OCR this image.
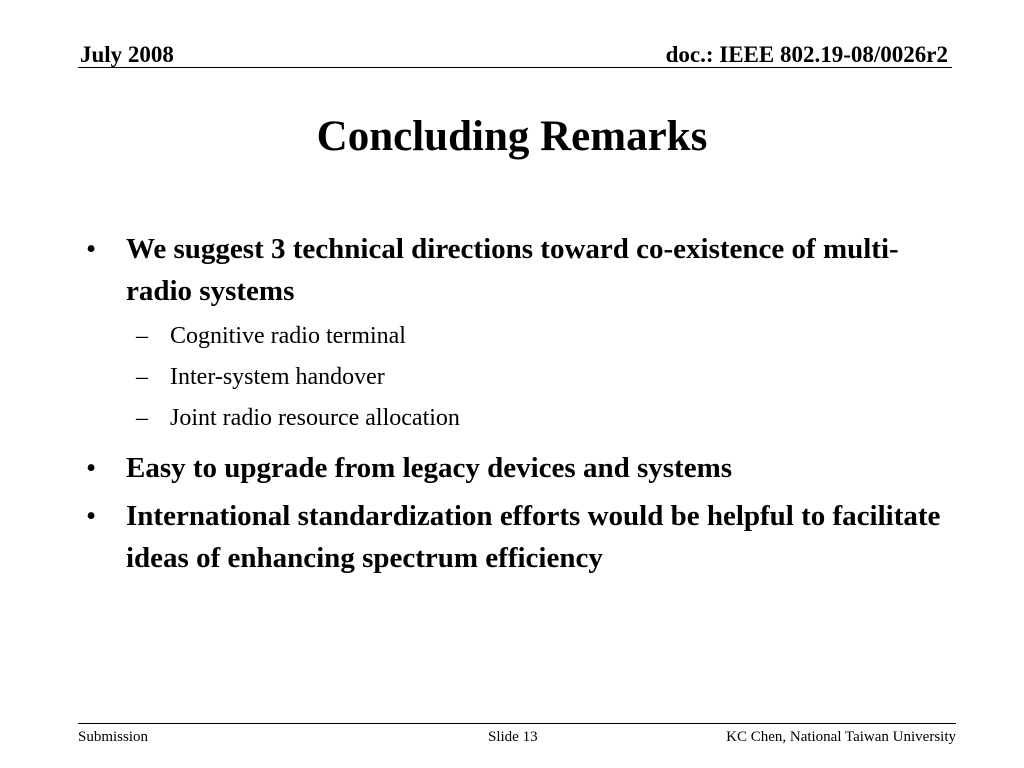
July 2008	doc.: IEEE 802.19-08/0026r2
Concluding Remarks
•	We suggest 3 technical directions toward co-existence of multi-radio systems
– Cognitive radio terminal
– Inter-system handover
– Joint radio resource allocation
•	Easy to upgrade from legacy devices and systems
•	International standardization efforts would be helpful to facilitate ideas of enhancing spectrum efficiency
Submission	Slide 13	KC Chen, National Taiwan University
